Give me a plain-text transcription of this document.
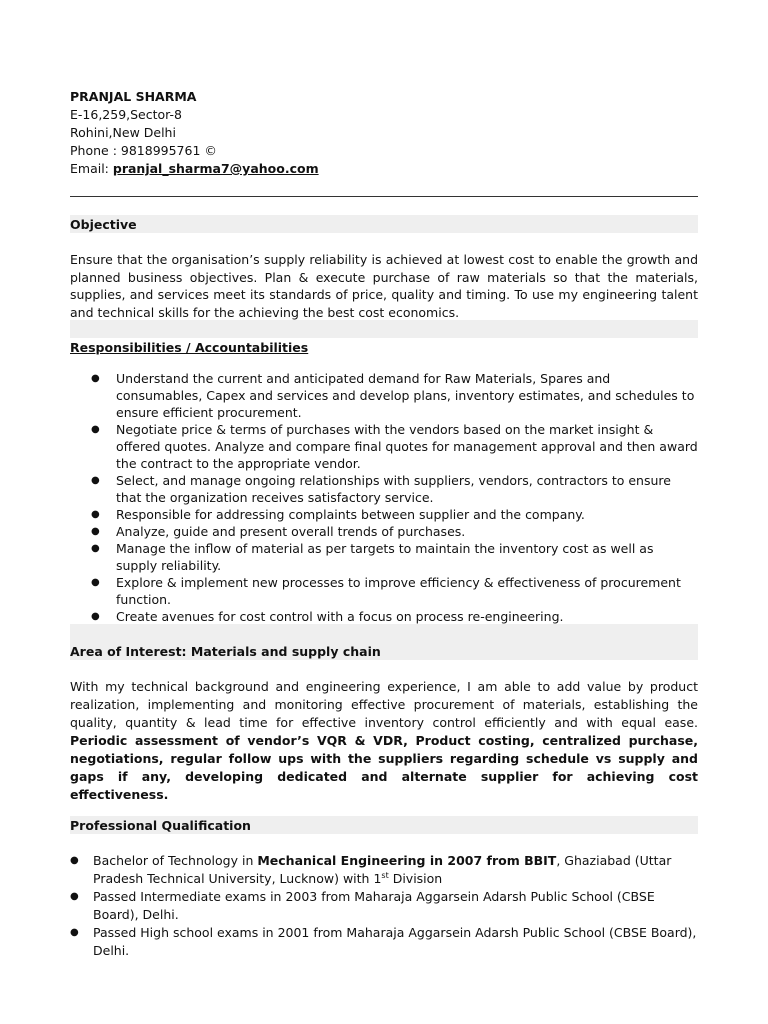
PRANJAL SHARMA
E-16,259,Sector-8
Rohini,New Delhi
Phone : 9818995761 ©
Email: pranjal_sharma7@yahoo.com
Objective
Ensure that the organisation’s supply reliability is achieved at lowest cost to enable the growth and planned business objectives. Plan & execute purchase of raw materials so that the materials, supplies, and services meet its standards of price, quality and timing. To use my engineering talent and technical skills for the achieving the best cost economics.
Responsibilities / Accountabilities
● Understand the current and anticipated demand for Raw Materials, Spares and consumables, Capex and services and develop plans, inventory estimates, and schedules to ensure efficient procurement.
● Negotiate price & terms of purchases with the vendors based on the market insight & offered quotes. Analyze and compare final quotes for management approval and then award the contract to the appropriate vendor.
● Select, and manage ongoing relationships with suppliers, vendors, contractors to ensure that the organization receives satisfactory service.
● Responsible for addressing complaints between supplier and the company.
● Analyze, guide and present overall trends of purchases.
● Manage the inflow of material as per targets to maintain the inventory cost as well as supply reliability.
● Explore & implement new processes to improve efficiency & effectiveness of procurement function.
● Create avenues for cost control with a focus on process re-engineering.
Area of Interest: Materials and supply chain
With my technical background and engineering experience, I am able to add value by product realization, implementing and monitoring effective procurement of materials, establishing the quality, quantity & lead time for effective inventory control efficiently and with equal ease. Periodic assessment of vendor’s VQR & VDR, Product costing, centralized purchase, negotiations, regular follow ups with the suppliers regarding schedule vs supply and gaps if any, developing dedicated and alternate supplier for achieving cost effectiveness.
Professional Qualification
● Bachelor of Technology in Mechanical Engineering in 2007 from BBIT, Ghaziabad (Uttar Pradesh Technical University, Lucknow) with 1st Division
● Passed Intermediate exams in 2003 from Maharaja Aggarsein Adarsh Public School (CBSE Board), Delhi.
● Passed High school exams in 2001 from Maharaja Aggarsein Adarsh Public School (CBSE Board), Delhi.
